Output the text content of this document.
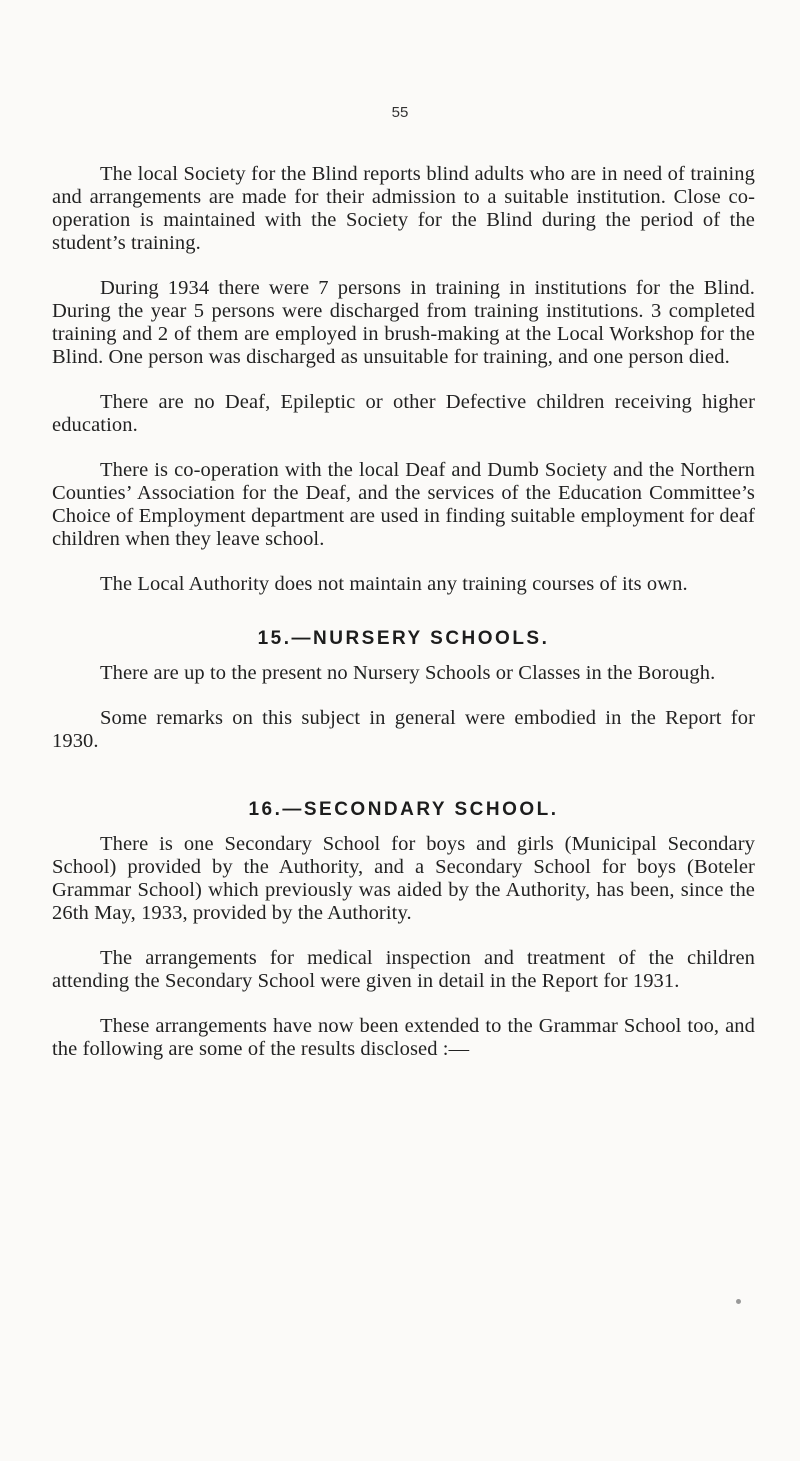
55

The local Society for the Blind reports blind adults who are in need of training and arrangements are made for their admission to a suitable institution. Close co-operation is maintained with the Society for the Blind during the period of the student’s training.

During 1934 there were 7 persons in training in institutions for the Blind. During the year 5 persons were discharged from training institutions. 3 completed training and 2 of them are employed in brush-making at the Local Workshop for the Blind. One person was discharged as unsuitable for training, and one person died.

There are no Deaf, Epileptic or other Defective children receiving higher education.

There is co-operation with the local Deaf and Dumb Society and the Northern Counties’ Association for the Deaf, and the services of the Education Committee’s Choice of Employment department are used in finding suitable employment for deaf children when they leave school.

The Local Authority does not maintain any training courses of its own.

15.—NURSERY SCHOOLS.

There are up to the present no Nursery Schools or Classes in the Borough.

Some remarks on this subject in general were embodied in the Report for 1930.

16.—SECONDARY SCHOOL.

There is one Secondary School for boys and girls (Municipal Secondary School) provided by the Authority, and a Secondary School for boys (Boteler Grammar School) which previously was aided by the Authority, has been, since the 26th May, 1933, provided by the Authority.

The arrangements for medical inspection and treatment of the children attending the Secondary School were given in detail in the Report for 1931.

These arrangements have now been extended to the Grammar School too, and the following are some of the results disclosed :—
